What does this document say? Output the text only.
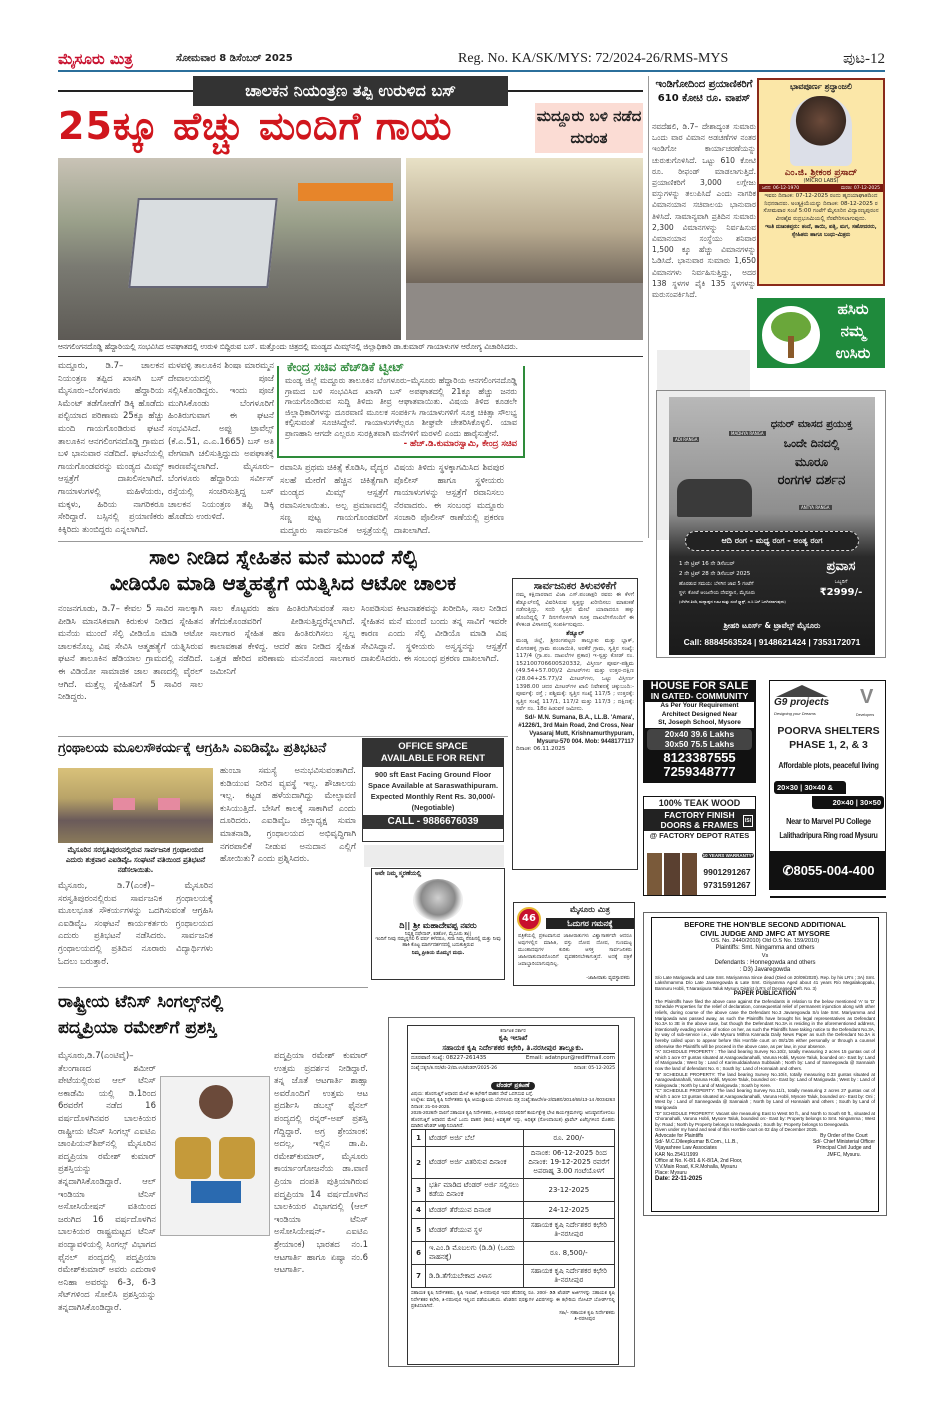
ಮೈಸೂರು ಮಿತ್ರ	ಸೋಮವಾರ 8 ಡಿಸೆಂಬರ್ 2025	Reg. No. KA/SK/MYS: 72/2024-26/RMS-MYS	ಪುಟ-12
ಚಾಲಕನ ನಿಯಂತ್ರಣ ತಪ್ಪಿ ಉರುಳಿದ ಬಸ್
25ಕ್ಕೂ ಹೆಚ್ಚು ಮಂದಿಗೆ ಗಾಯ	ಮದ್ದೂರು ಬಳಿ ನಡೆದ ದುರಂತ
ಆನಗಲಿಂಗನದೊಡ್ಡಿ ಹೆದ್ದಾರಿಯಲ್ಲಿ ಸಂಭವಿಸಿದ ಅಪಘಾತದಲ್ಲಿ ಉರುಳಿ ಬಿದ್ದಿರುವ ಬಸ್. ಮತ್ತೊಂದು ಚಿತ್ರದಲ್ಲಿ ಮಂಡ್ಯದ ಮಿಮ್ಸ್‌ನಲ್ಲಿ ಜಿಲ್ಲಾಧಿಕಾರಿ ಡಾ.ಕುಮಾರ್ ಗಾಯಾಳುಗಳ ಆರೋಗ್ಯ ವಿಚಾರಿಸಿದರು.
ಮದ್ದೂರು, ಡಿ.7– ಚಾಲಕನ ನಿಯಂತ್ರಣ ತಪ್ಪಿದ ಖಾಸಗಿ ಬಸ್ ಮೈಸೂರು–ಬೆಂಗಳೂರು ಹೆದ್ದಾರಿಯ ಸಿಮೆಂಟ್ ತಡೆಗೋಡೆಗೆ ಡಿಕ್ಕಿ ಹೊಡೆದು ಪಲ್ಟಿಯಾದ ಪರಿಣಾಮ 25ಕ್ಕೂ ಹೆಚ್ಚು ಮಂದಿ ಗಾಯಗೊಂಡಿರುವ ಘಟನೆ ತಾಲೂಕಿನ ಆನಗಲಿಂಗನದೊಡ್ಡಿ ಗ್ರಾಮದ ಬಳಿ ಭಾನುವಾರ ನಡೆದಿದೆ. ಘಟನೆಯಲ್ಲಿ ಗಾಯಗೊಂಡವರನ್ನು ಮಂಡ್ಯದ ಮಿಮ್ಸ್ ಆಸ್ಪತ್ರೆಗೆ ದಾಖಲಿಸಲಾಗಿದೆ. ಗಾಯಾಳುಗಳಲ್ಲಿ ಮಹಿಳೆಯರು, ಮಕ್ಕಳು, ಹಿರಿಯ ನಾಗರಿಕರೂ ಸೇರಿದ್ದಾರೆ. ಬಸ್ಸಿನಲ್ಲಿ ಪ್ರಯಾಣಿಕರು ಕಿಕ್ಕಿರಿದು ತುಂಬಿದ್ದರು ಎನ್ನಲಾಗಿದೆ.
ಮಳವಳ್ಳಿ ತಾಲೂಕಿನ ಶಿಂಷಾ ಮಾರಮ್ಮನ ದೇವಾಲಯದಲ್ಲಿ ಪೂಜೆ ಸಲ್ಲಿಸಿಕೊಂಡಿದ್ದರು. ಇಂದು ಪೂಜೆ ಮುಗಿಸಿಕೊಂಡು ಬೆಂಗಳೂರಿಗೆ ಹಿಂತಿರುಗುವಾಗ ಈ ಘಟನೆ ಸಂಭವಿಸಿದೆ. ಅಪ್ಪು ಟ್ರಾವೆಲ್ಸ್ (ಕೆ.ಎ.51, ಎ.ಎ.1665) ಬಸ್ ಅತಿ ವೇಗವಾಗಿ ಚಲಿಸುತ್ತಿದ್ದುದು ಅಪಘಾತಕ್ಕೆ ಕಾರಣವೆನ್ನಲಾಗಿದೆ. ಮೈಸೂರು–ಬೆಂಗಳೂರು ಹೆದ್ದಾರಿಯ ಸರ್ವೀಸ್ ರಸ್ತೆಯಲ್ಲಿ ಸಂಚರಿಸುತ್ತಿದ್ದ ಬಸ್ ಚಾಲಕನ ನಿಯಂತ್ರಣ ತಪ್ಪಿ ಡಿಕ್ಕಿ ಹೊಡೆದು ಉರುಳಿದೆ.
ಕೇಂದ್ರ ಸಚಿವ ಹೆಚ್‌ಡಿಕೆ ಟ್ವೀಟ್
ಮಂಡ್ಯ ಜಿಲ್ಲೆ ಮದ್ದೂರು ತಾಲೂಕಿನ ಬೆಂಗಳೂರು–ಮೈಸೂರು ಹೆದ್ದಾರಿಯ ಆನಗಲಿಂಗನದೊಡ್ಡಿ ಗ್ರಾಮದ ಬಳಿ ಸಂಭವಿಸಿದ ಖಾಸಗಿ ಬಸ್ ಅಪಘಾತದಲ್ಲಿ 21ಕ್ಕೂ ಹೆಚ್ಚು ಜನರು ಗಾಯಗೊಂಡಿರುವ ಸುದ್ದಿ ತಿಳಿದು ತೀವ್ರ ಆಘಾತವಾಯಿತು. ವಿಷಯ ತಿಳಿದ ಕೂಡಲೇ ಜಿಲ್ಲಾಧಿಕಾರಿಗಳನ್ನು ದೂರವಾಣಿ ಮೂಲಕ ಸಂಪರ್ಕಿಸಿ ಗಾಯಾಳುಗಳಿಗೆ ಸೂಕ್ತ ಚಿಕಿತ್ಸಾ ಸೌಲಭ್ಯ ಕಲ್ಪಿಸುವಂತೆ ಸೂಚಿಸಿದ್ದೇನೆ. ಗಾಯಾಳುಗಳೆಲ್ಲರೂ ಶೀಘ್ರವೇ ಚೇತರಿಸಿಕೊಳ್ಳಲಿ. ಯಾವ ಪ್ರಾಣಹಾನಿ ಆಗದೇ ಎಲ್ಲರೂ ಸುರಕ್ಷಿತವಾಗಿ ಮನೆಗಳಿಗೆ ಮರಳಲಿ ಎಂದು ಹಾರೈಸುತ್ತೇನೆ.
- ಹೆಚ್.ಡಿ.ಕುಮಾರಸ್ವಾಮಿ, ಕೇಂದ್ರ ಸಚಿವ
ರವಾನಿಸಿ ಪ್ರಥಮ ಚಿಕಿತ್ಸೆ ಕೊಡಿಸಿ, ವೈದ್ಯರ ಸಲಹೆ ಮೇರೆಗೆ ಹೆಚ್ಚಿನ ಚಿಕಿತ್ಸೆಗಾಗಿ ಮಂಡ್ಯದ ಮಿಮ್ಸ್ ಆಸ್ಪತ್ರೆಗೆ ರವಾನಿಸಲಾಯಿತು. ಅಲ್ಪ ಪ್ರಮಾಣದಲ್ಲಿ ಸಣ್ಣ ಪುಟ್ಟ ಗಾಯಗೊಂಡವರಿಗೆ ಮದ್ದೂರು ಸಾರ್ವಜನಿಕ ಆಸ್ಪತ್ರೆಯಲ್ಲಿ
ವಿಷಯ ತಿಳಿದು ಸ್ಥಳಕ್ಕಾಗಮಿಸಿದ ಶಿವಪುರ ಪೊಲೀಸ್ ಹಾಗೂ ಸ್ಥಳೀಯರು ಗಾಯಾಳುಗಳನ್ನು ಆಸ್ಪತ್ರೆಗೆ ರವಾನಿಸಲು ನೆರವಾದರು. ಈ ಸಂಬಂಧ ಮದ್ದೂರು ಸಂಚಾರಿ ಪೊಲೀಸ್ ಠಾಣೆಯಲ್ಲಿ ಪ್ರಕರಣ ದಾಖಲಾಗಿದೆ.
ಇಂಡಿಗೋದಿಂದ ಪ್ರಯಾಣಿಕರಿಗೆ 610 ಕೋಟಿ ರೂ. ವಾಪಸ್
ನವದೆಹಲಿ, ಡಿ.7– ದೇಶಾದ್ಯಂತ ಸುಮಾರು ಒಂದು ವಾರ ವಿಮಾನ ಅಡಚಣೆಗಳ ನಂತರ ಇಂಡಿಗೋ ಕಾರ್ಯಾಚರಣೆಯನ್ನು ಚುರುಕುಗೊಳಿಸಿದೆ. ಒಟ್ಟು 610 ಕೋಟಿ ರೂ. ರೀಫಂಡ್ ಮಾಡಲಾಗುತ್ತಿದೆ. ಪ್ರಯಾಣಿಕರಿಗೆ 3,000 ಲಗ್ಗೇಜು ವಸ್ತುಗಳನ್ನು ತಲುಪಿಸಿದೆ ಎಂದು ನಾಗರಿಕ ವಿಮಾನಯಾನ ಸಚಿವಾಲಯ ಭಾನುವಾರ ತಿಳಿಸಿದೆ. ಸಾಮಾನ್ಯವಾಗಿ ಪ್ರತಿದಿನ ಸುಮಾರು 2,300 ವಿಮಾನಗಳನ್ನು ನಿರ್ವಹಿಸುವ ವಿಮಾನಯಾನ ಸಂಸ್ಥೆಯು ಶನಿವಾರ 1,500 ಕ್ಕೂ ಹೆಚ್ಚು ವಿಮಾನಗಳನ್ನು ಓಡಿಸಿದೆ. ಭಾನುವಾರ ಸುಮಾರು 1,650 ವಿಮಾನಗಳು ನಿರ್ವಹಿಸುತ್ತಿದ್ದು, ಅದರ 138 ಸ್ಥಳಗಳ ಪೈಕಿ 135 ಸ್ಥಳಗಳನ್ನು ಮರುಸಂಪರ್ಕಿಸಿದೆ.
ಭಾವಪೂರ್ಣ ಶ್ರದ್ಧಾಂಜಲಿ
ಎಂ.ಜಿ. ಶ್ರೀಕಂಠ ಪ್ರಸಾದ್
(MICRO LABS)
ಜನನ: 06-12-1970	ಮರಣ: 07-12-2025
ಇವರು ದಿನಾಂಕ: 07-12-2025 ರಂದು ಹೃದಯಾಘಾತದಿಂದ ನಿಧನರಾದರು. ಅಂತ್ಯಕ್ರಿಯೆಯನ್ನು ದಿನಾಂಕ: 08-12-2025 ರ ಸೋಮವಾರ ಸಂಜೆ 5:00 ಗಂಟೆಗೆ ಮೈಸೂರಿನ ವಿದ್ಯಾರಣ್ಯಪುರಂನ ವೀರಶೈವ ರುದ್ರಭೂಮಿಯಲ್ಲಿ ನೆರವೇರಿಸಲಾಗುವುದು.
ಇಂತಿ ದುಃಖತಪ್ತರು: ತಂದೆ, ತಾಯಿ, ಪತ್ನಿ, ಮಗ, ಸಹೋದರರು, ಸ್ನೇಹಿತರು ಹಾಗೂ ಬಂಧು-ಮಿತ್ರರು
ಹಸಿರು
ನಮ್ಮ
ಉಸಿರು
ADI RANGA
MADHYA RANGA
ANTYA RANGA
ಧನುರ್ ಮಾಸದ ಪ್ರಯುಕ್ತ
ಒಂದೇ ದಿನದಲ್ಲಿ
ಮೂರೂ
ರಂಗಗಳ ದರ್ಶನ
ಆದಿ ರಂಗ - ಮಧ್ಯ ರಂಗ - ಅಂತ್ಯ ರಂಗ
1 ನೇ ಟ್ರಿಪ್ 16 ನೇ ಡಿಸೆಂಬರ್
2 ನೇ ಟ್ರಿಪ್ 28 ನೇ ಡಿಸೆಂಬರ್ 2025
ಹೊರಡುವ ಸಮಯ: ಬೆಳಗಿನ ಜಾವ 5 ಗಂಟೆಗೆ
ಸ್ಥಳ: ಕೋಟೆ ಆಂಜನೇಯ ದೇವಸ್ಥಾನ, ಮೈಸೂರು
(ಬೆಳಗಿನ ತಿಂಡಿ, ಮಧ್ಯಾಹ್ನದ ಊಟ ಮತ್ತು ಸಂಜೆ ಸ್ನ್ಯಾಕ್ಸ್, ಎ.ಸಿ ಬಸ್ ಒದಗಿಸಲಾಗುವುದು)
ಪ್ರವಾಸ
ಒಬ್ಬರಿಗೆ
₹2999/-
ಶ್ರೀಹರಿ ಟೂರ್ಸ್ & ಟ್ರಾವೆಲ್ಸ್ ಮೈಸೂರು
Call: 8884563524 | 9148621424 | 7353172071
ಸಾಲ ನೀಡಿದ ಸ್ನೇಹಿತನ ಮನೆ ಮುಂದೆ ಸೆಲ್ಫಿ
ವೀಡಿಯೊ ಮಾಡಿ ಆತ್ಮಹತ್ಯೆಗೆ ಯತ್ನಿಸಿದ ಆಟೋ ಚಾಲಕ
ನಂಜನಗೂಡು, ಡಿ.7– ಕೇವಲ 5 ಸಾವಿರ ಸಾಲಕ್ಕಾಗಿ ಪೀಡಿಸಿ ಮಾನಸಿಕವಾಗಿ ಕಿರುಕುಳ ನೀಡಿದ ಸ್ನೇಹಿತನ ಮನೆಯ ಮುಂದೆ ಸೆಲ್ಫಿ ವೀಡಿಯೊ ಮಾಡಿ ಆಟೋ ಚಾಲಕನೊಬ್ಬ ವಿಷ ಸೇವಿಸಿ ಆತ್ಮಹತ್ಯೆಗೆ ಯತ್ನಿಸಿರುವ ಘಟನೆ ತಾಲೂಕಿನ ಹೆಡಿಯಾಲ ಗ್ರಾಮದಲ್ಲಿ ನಡೆದಿದೆ. ಈ ವಿಡಿಯೋ ಸಾಮಾಜಿಕ ಜಾಲ ತಾಣದಲ್ಲಿ ವೈರಲ್ ಆಗಿದೆ. ಮತ್ತೆಲ್ಲ ಸ್ನೇಹಿತನಿಗೆ 5 ಸಾವಿರ ಸಾಲ ನೀಡಿದ್ದರು.
ಸಾಲ ಕೊಟ್ಟವರು ಹಣ ಹಿಂತಿರುಗಿಸುವಂತೆ ಸಾಲ ತೆಗೆದುಕೊಂಡವರಿಗೆ ಪೀಡಿಸುತ್ತಿದ್ದರೆನ್ನಲಾಗಿದೆ. ಸಾಲಗಾರ ಸ್ನೇಹಿತ ಹಣ ಹಿಂತಿರುಗಿಸಲು ಸ್ವಲ್ಪ ಕಾಲಾವಕಾಶ ಕೇಳಿದ್ದ. ಆದರೆ ಹಣ ನೀಡಿದ ಸ್ನೇಹಿತ ಒತ್ತಡ ಹೇರಿದ ಪರಿಣಾಮ ಮನನೊಂದ ಸಾಲಗಾರ ಜಮೀನಿಗೆ
ಸಿಂಪಡಿಸುವ ಕೀಟನಾಶಕವನ್ನು ಖರೀದಿಸಿ, ಸಾಲ ನೀಡಿದ ಸ್ನೇಹಿತನ ಮನೆ ಮುಂದೆ ಬಂದು ತನ್ನ ಸಾವಿಗೆ ಇವರೇ ಕಾರಣ ಎಂದು ಸೆಲ್ಫಿ ವೀಡಿಯೊ ಮಾಡಿ ವಿಷ ಸೇವಿಸಿದ್ದಾನೆ. ಸ್ಥಳೀಯರು ಅಸ್ವಸ್ಥನನ್ನು ಆಸ್ಪತ್ರೆಗೆ ದಾಖಲಿಸಿದರು. ಈ ಸಂಬಂಧ ಪ್ರಕರಣ ದಾಖಲಾಗಿದೆ.
ಸಾರ್ವಜನಿಕರ ತಿಳುವಳಿಕೆಗೆ
ನಮ್ಮ ಕಕ್ಷಿದಾರರಾದ ವಿಜಾ ಎಸ್.ಪಂಚಾಕ್ಷರಿ ರವರು ಈ ಕೆಳಗೆ ಶೆಡ್ಯೂಲ್‌ನಲ್ಲಿ ವಿವರಿಸಿರುವ ಸ್ವತ್ತನ್ನು ಖರೀದಿಸಲು ಮಾತುಕತೆ ನಡೆಸುತ್ತಿದ್ದು, ಸದರಿ ಸ್ವತ್ತಿನ ಮೇಲೆ ಯಾರಾದರೂ ಹಕ್ಕು ಹೊಂದಿದ್ದಲ್ಲಿ 7 ದಿನಗಳೊಳಗಾಗಿ ಸೂಕ್ತ ದಾಖಲೆಗಳೊಂದಿಗೆ ಈ ಕೆಳಕಂಡ ವಿಳಾಸದಲ್ಲಿ ಸಂಪರ್ಕಿಸುವುದು.
ಶೆಡ್ಯೂಲ್
ಮಂಡ್ಯ ಜಿಲ್ಲೆ, ಶ್ರೀರಂಗಪಟ್ಟಣ ತಾಲ್ಲೂಕು ಮತ್ತು ಬ್ಲಾಕ್, ಮೊಗರಹಳ್ಳಿ ಗ್ರಾಮ ಪಂಚಾಯಿತಿ, ಅರಕೆರೆ ಗ್ರಾಮ, ಸ್ವತ್ತಿನ ಸಂಖ್ಯೆ: 117/4 (ಗ್ರಾ.ಪಂ. ದಾಖಲೆಗಳ ಪ್ರಕಾರ) ಇ-ಸ್ವತ್ತು ಕೋಡ್ ನಂ. 152100706600520332, ವಿಸ್ತೀರ್ಣ ಪೂರ್ವ-ಪಶ್ಚಿಮ (49.54+57.00)/2 ಮೀಟರ್‌ಗಳು ಮತ್ತು ಉತ್ತರ-ದಕ್ಷಿಣ (28.04+25.77)/2 ಮೀಟರ್‌ಗಳು, ಒಟ್ಟು ವಿಸ್ತೀರ್ಣ 1398.00 ಚದರ ಮೀಟರ್‌ಗಳ ಖಾಲಿ ನಿವೇಶನಕ್ಕೆ ಚಕ್ಕುಬಂದಿ:- ಪೂರ್ವಕ್ಕೆ: ರಸ್ತೆ ; ಪಶ್ಚಿಮಕ್ಕೆ: ಸ್ವತ್ತಿನ ಸಂಖ್ಯೆ 117/5 ; ಉತ್ತರಕ್ಕೆ: ಸ್ವತ್ತಿನ ಸಂಖ್ಯೆ 117/1, 117/2 ಮತ್ತು 117/3 ; ದಕ್ಷಿಣಕ್ಕೆ: ಸರ್ವೆ ನಂ. 18ರ ಹಿಡುವಳಿ ಜಮೀನು.
Sd/- M.N. Sumana, B.A., LL.B. 'Amara', #1226/1, 3rd Main Road, 2nd Cross, Near Vyasaraj Mutt, Krishnamurthypuram, Mysuru-570 004. Mob: 9448177117
ದಿನಾಂಕ: 06.11.2025
ಗ್ರಂಥಾಲಯ ಮೂಲಸೌಕರ್ಯಕ್ಕೆ ಆಗ್ರಹಿಸಿ ಎಐಡಿವೈಒ ಪ್ರತಿಭಟನೆ
ಮೈಸೂರಿನ ಸರಸ್ವತಿಪುರಂನಲ್ಲಿರುವ ಸಾರ್ವಜನಿಕ ಗ್ರಂಥಾಲಯದ ಎದುರು ಶುಕ್ರವಾರ ಎಐಡಿವೈಒ ಸಂಘಟನೆ ವತಿಯಿಂದ ಪ್ರತಿಭಟನೆ ನಡೆಸಲಾಯಿತು.
ಮೈಸೂರು, ಡಿ.7(ಎಂಕೆ)– ಮೈಸೂರಿನ ಸರಸ್ವತಿಪುರಂನಲ್ಲಿರುವ ಸಾರ್ವಜನಿಕ ಗ್ರಂಥಾಲಯಕ್ಕೆ ಮೂಲಭೂತ ಸೌಕರ್ಯಗಳನ್ನು ಒದಗಿಸುವಂತೆ ಆಗ್ರಹಿಸಿ ಎಐಡಿವೈಒ ಸಂಘಟನೆ ಕಾರ್ಯಕರ್ತರು ಗ್ರಂಥಾಲಯದ ಎದುರು ಪ್ರತಿಭಟನೆ ನಡೆಸಿದರು. ಸಾರ್ವಜನಿಕ ಗ್ರಂಥಾಲಯದಲ್ಲಿ ಪ್ರತಿದಿನ ನೂರಾರು ವಿದ್ಯಾರ್ಥಿಗಳು ಓದಲು ಬರುತ್ತಾರೆ.
ಹುಂಬಾ ಸಮಸ್ಯೆ ಅನುಭವಿಸುವಂತಾಗಿದೆ. ಕುಡಿಯುವ ನೀರಿನ ವ್ಯವಸ್ಥೆ ಇಲ್ಲ. ಶೌಚಾಲಯ ಇಲ್ಲ. ಕಟ್ಟಡ ಹಳೆಯದಾಗಿದ್ದು ಮೇಲ್ಛಾವಣಿ ಕುಸಿಯುತ್ತಿದೆ. ಬೇಸಿಗೆ ಕಾಲಕ್ಕೆ ಸಾಕಾಗಿವೆ ಎಂದು ದೂರಿದರು. ಎಐಡಿವೈಒ ಜಿಲ್ಲಾಧ್ಯಕ್ಷ ಸುಮಾ ಮಾತನಾಡಿ, ಗ್ರಂಥಾಲಯದ ಅಭಿವೃದ್ಧಿಗಾಗಿ ನಗರಪಾಲಿಕೆ ನೀಡುವ ಅನುದಾನ ಎಲ್ಲಿಗೆ ಹೋಯಿತು? ಎಂದು ಪ್ರಶ್ನಿಸಿದರು.
OFFICE SPACE AVAILABLE FOR RENT
900 sft East Facing Ground Floor Space Available at Saraswathipuram. Expected Monthly Rent Rs. 30,000/- (Negotiable)
CALL - 9886676039
ಅವೇ ನಿಮ್ಮ ಸ್ಮರಣೆಯಲ್ಲಿ
ದಿ|| ಶ್ರೀ ಮಹಾದೇವಪ್ಪ ನವರು
ನಿವೃತ್ತ ದಫೇದಾರ್, ಕಡಕೊಳ, ಮೈಸೂರು ತಾ||
ಇಂದಿಗೆ ನೀವು ನಮ್ಮನ್ನಗಲಿ 6 ವರ್ಷ ಕಳೆದರೂ, ಸದಾ ನಿಮ್ಮ ನೆನಪಿನಲ್ಲಿ ಮತ್ತು ನೀವು ಹಾಕಿ ಕೊಟ್ಟ ಮಾರ್ಗದರ್ಶನದಲ್ಲಿ ಬದುಕುತ್ತಿರುವ
ನಿಮ್ಮ ಪ್ರೀತಿಯ ಮೊಮ್ಮಗ ಮಧು.
46
ಮೈಸೂರು ಮಿತ್ರ
ಓದುಗರ ಗಮನಕ್ಕೆ
ಪತ್ರಿಕೆಯಲ್ಲಿ ಪ್ರಕಟವಾಗುವ ಜಾಹೀರಾತುಗಳು ವಿಶ್ವಾಸಾರ್ಹವೇ ಆದರೂ ಅವುಗಳಲ್ಲಿನ ಮಾಹಿತಿ, ವಸ್ತು ದೋಷ ದೋಷ, ಗುಣಮಟ್ಟ ಮುಂತಾದವುಗಳ ಕುರಿತು ಆಸಕ್ತ ಸಾರ್ವಜನಿಕರು ಜಾಹೀರಾತುದಾರರೊಂದಿಗೆ ವ್ಯವಹರಿಸಬೇಕಾಗುತ್ತದೆ. ಅದಕ್ಕೆ ಪತ್ರಿಕೆ ಜವಾಬ್ದಾರಿಯಾಗುವುದಿಲ್ಲ.
-ಜಾಹೀರಾತು ವ್ಯವಸ್ಥಾಪಕರು
ರಾಷ್ಟ್ರೀಯ ಟೆನಿಸ್ ಸಿಂಗಲ್ಸ್‌ನಲ್ಲಿ
ಪದ್ಮಪ್ರಿಯಾ ರಮೇಶ್‌ಗೆ ಪ್ರಶಸ್ತಿ
ಮೈಸೂರು,ಡಿ.7(ಎಂಟಿವೈ)– ತೆಲಂಗಾಣದ ಶಮೀರ್ ಪೇಟೆಯಲ್ಲಿರುವ ಆಲ್ ಟೆನಿಸ್ ಅಕಾಡೆಮಿ ಯಲ್ಲಿ ಡಿ.1ರಿಂದ 6ರವರೆಗೆ ನಡೆದ 16 ವರ್ಷದೊಳಗಿನವರ ಬಾಲಕಿಯರ ರಾಷ್ಟ್ರೀಯ ಟೆನಿಸ್ ಸಿಂಗಲ್ಸ್ ಎಐಟಿಎ ಚಾಂಪಿಯನ್‌ಶಿಪ್‌ನಲ್ಲಿ ಮೈಸೂರಿನ ಪದ್ಮಪ್ರಿಯಾ ರಮೇಶ್ ಕುಮಾರ್ ಪ್ರಶಸ್ತಿಯನ್ನು ತನ್ನದಾಗಿಸಿಕೊಂಡಿದ್ದಾರೆ. ಆಲ್ ಇಂಡಿಯಾ ಟೆನಿಸ್ ಅಸೋಸಿಯೇಷನ್ ವತಿಯಿಂದ ಜರುಗಿದ 16 ವರ್ಷದೊಳಗಿನ ಬಾಲಕಿಯರ ರಾಷ್ಟ್ರಮಟ್ಟದ ಟೆನಿಸ್ ಪಂದ್ಯಾವಳಿಯಲ್ಲಿ ಸಿಂಗಲ್ಸ್ ವಿಭಾಗದ ಫೈನಲ್ ಪಂದ್ಯದಲ್ಲಿ ಪದ್ಮಪ್ರಿಯಾ ರಮೇಶ್‌ಕುಮಾರ್ ಅವರು ಎದುರಾಳಿ ಅನಿಹಾ ಅವರನ್ನು 6-3, 6-3 ಸೆಟ್‌ಗಳಿಂದ ಸೋಲಿಸಿ ಪ್ರಶಸ್ತಿಯನ್ನು ತನ್ನದಾಗಿಸಿಕೊಂಡಿದ್ದಾರೆ.
ಪದ್ಮಪ್ರಿಯಾ ರಮೇಶ್ ಕುಮಾರ್ ಉತ್ತಮ ಪ್ರದರ್ಶನ ನೀಡಿದ್ದಾರೆ. ತನ್ನ ಜೊತೆ ಆಟಗಾರ್ತಿ ಶಾಹ್ಸಾ ಅವರೊಂದಿಗೆ ಉತ್ತಮ ಆಟ ಪ್ರದರ್ಶಿಸಿ ಡಬಲ್ಸ್ ಫೈನಲ್ ಪಂದ್ಯದಲ್ಲಿ ರನ್ನರ್-ಅಪ್ ಪ್ರಶಸ್ತಿ ಗೆದ್ದಿದ್ದಾರೆ. ಅಗ್ರ ಶ್ರೇಯಾಂಕ: ಅದಲ್ಲ, ಇಲ್ಲಿನ ಡಾ.ಪಿ. ರಮೇಶ್‌ಕುಮಾರ್, ಮೈಸೂರು ಕಾರ್ಯಾಂಗೋಜನೆಯ ಡಾ.ವಾಣಿ ಪ್ರಿಯಾ ದಂಪತಿ ಪುತ್ರಿಯಾಗಿರುವ ಪದ್ಮಪ್ರಿಯಾ 14 ವರ್ಷದೊಳಗಿನ ಬಾಲಕಿಯರ ವಿಭಾಗದಲ್ಲಿ (ಆಲ್ ಇಂಡಿಯಾ ಟೆನಿಸ್ ಅಸೋಸಿಯೇಷನ್- ಎಐಟಿಎ ಶ್ರೇಯಾಂಕ) ಭಾರತದ ನಂ.1 ಆಟಗಾರ್ತಿ ಹಾಗೂ ಏಷ್ಯಾ ನಂ.6 ಆಟಗಾರ್ತಿ.
ಕರ್ನಾಟಕ ಸರ್ಕಾರ
ಕೃಷಿ ಇಲಾಖೆ
ಸಹಾಯಕ ಕೃಷಿ ನಿರ್ದೇಶಕರ ಕಛೇರಿ, ತಿ.ನರಸೀಪುರ ತಾಲ್ಲೂಕು.
ದೂರವಾಣಿ ಸಂಖ್ಯೆ: 08227-261435	Email: adatnpur@rediffmail.com
ಸಂಖ್ಯೆ:ಸಕೃನಿ/ತಿ.ನರ/ಟೆಂ-2/ಪಾ.ಉ/ಟೆಂಡರ್/2025-26	ದಿನಾಂಕ: 05-12-2025
ಟೆಂಡರ್ ಪ್ರಕಟಣೆ
ವಿಷಯ: ಹೊರಗುತ್ತಿಗೆ ಆಧಾರದ ಮೇಲೆ ಈ ಕಛೇರಿಗೆ ವಾಹನ ಸೇವೆ ಒದಗಿಸುವ ಬಗ್ಗೆ.
ಉಲ್ಲೇಖ: ಮಾನ್ಯ ಕೃಷಿ ನಿರ್ದೇಶಕರು ಕೃಷಿ ಆಯುಕ್ತಾಲಯ ಬೆಂಗಳೂರು ಪತ್ರ ಸಂಖ್ಯೆ:ಕಾಆಸೇ/ಆ-2/ವಾಹನ/2014/65/13-14 /0034263 ದಿನಾಂಕ: 21-04-2025.
2025-2026ನೇ ಸಾಲಿಗೆ ಸಹಾಯಕ ಕೃಷಿ ನಿರ್ದೇಶಕರು, ತಿ-ನರಸೀಪುರ ರವರಿಗೆ ಕಾರ್ಯಕ್ಷೇತ್ರ ಭೇಟಿ ಕಾರ್ಯಕ್ರಮಗಳನ್ನು ಅನುಷ್ಠಾನಗೊಳಿಸಲು ಹೊರಗುತ್ತಿಗೆ ಆಧಾರದ ಮೇಲೆ ಒಂದು ವಾಹನ (ಕಾರು) ಅವಶ್ಯಕತೆ ಇದ್ದು, ಅಧಿಕೃತ (ನೋಂದಾಯಿತ) ಟ್ರಾವೆಲ್ ಏಜೆನ್ಸಿಗಳಿಂದ ಮೊಹರು ಮಾಡಿದ ಟೆಂಡರ್ ಆಹ್ವಾನಿಸಲಾಗಿದೆ.
1	ಟೆಂಡರ್ ಅರ್ಜಿ ಬೆಲೆ	ರೂ. 200/-
2	ಟೆಂಡರ್ ಅರ್ಜಿ ವಿತರಿಸುವ ದಿನಾಂಕ	ದಿನಾಂಕ: 06-12-2025 ರಿಂದ ದಿನಾಂಕ: 19-12-2025 ರವರೆಗೆ ಅಪರಾಹ್ನ 3.00 ಗಂಟೆಯೊಳಗೆ
3	ಭರ್ತಿ ಮಾಡಿದ ಟೆಂಡರ್ ಅರ್ಜಿ ಸಲ್ಲಿಸಲು ಕಡೆಯ ದಿನಾಂಕ	23-12-2025
4	ಟೆಂಡರ್ ತೆರೆಯುವ ದಿನಾಂಕ	24-12-2025
5	ಟೆಂಡರ್ ತೆರೆಯುವ ಸ್ಥಳ	ಸಹಾಯಕ ಕೃಷಿ ನಿರ್ದೇಶಕರ ಕಛೇರಿ ತಿ-ನರಸೀಪುರ
6	ಇ.ಎಂ.ಡಿ ಮೊಬಲಗು (ಡಿ.ಡಿ) (ಒಂದು ವಾಹನಕ್ಕೆ)	ರೂ. 8,500/-
7	ಡಿ.ಡಿ.ತೆಗೆಯಬೇಕಾದ ವಿಳಾಸ	ಸಹಾಯಕ ಕೃಷಿ ನಿರ್ದೇಶಕರ ಕಛೇರಿ ತಿ-ನರಸೀಪುರ
ಸಹಾಯಕ ಕೃಷಿ ನಿರ್ದೇಶಕರು, ಕೃಷಿ ಇಲಾಖೆ, ತಿ-ನರಸೀಪುರ ಇವರ ಹೆಸರಿನಲ್ಲಿ ರೂ. 200/- ಡಿಡಿ ಟೆಂಡರ್ ಅರ್ಜಿಗಳನ್ನು ಸಹಾಯಕ ಕೃಷಿ ನಿರ್ದೇಶಕರ ಕಛೇರಿ, ತಿ-ನರಸೀಪುರ ಇಲ್ಲಿಂದ ಪಡೆಯಬಹುದು. ಟೆಂಡರಿನ ಷರತ್ತುಗಳ ವಿವರಗಳನ್ನು ಈ ಕಛೇರಿಯ ನೋಟಿಸ್ ಬೋರ್ಡ್‌ನಲ್ಲಿ ಪ್ರಕಟಿಸಲಾಗಿದೆ.
ಸಹಿ/- ಸಹಾಯಕ ಕೃಷಿ ನಿರ್ದೇಶಕರು
ತಿ-ನರಸೀಪುರ
HOUSE FOR SALE
IN GATED- COMMUNITY
As Per Your Requirement
Architect Designed Near
St, Joseph School, Mysore
20x40 39.6 Lakhs
30x50 75.5 Lakhs
8123387555
7259348777
100% TEAK WOOD
FACTORY FINISH
DOORS & FRAMES	ISI
@ FACTORY DEPOT RATES
10 YEARS WARRANTY*
9901291267
9731591267
G9 projects
Designing your Dreams
V
Developers
POORVA SHELTERS
PHASE 1, 2, & 3
Affordable plots, peaceful living
20×30 | 30×40 &
20×40 | 30×50
Near to Marvel PU College
Lalithadripura Ring road Mysuru
✆8055-004-400
BEFORE THE HON'BLE SECOND ADDITIONAL
CIVIL JUDGE AND JMFC AT MYSORE
OS. No. 2440/2010) Old O.S No. 159/2010)
Plaintiffs: Smt. Ningamma and others
Vs
Defendants : Honnegowda and others
: D3) Javaregowda
S/o Late Marigowda and Late Smt. Mariyamma Since dead (Died on 20/09/2020). Rep. by his LR's ; 3A) Smt. Lakshmamma D/o Late Javaregowda & Late Smt. Giriyamma Aged about 41 years R/o Megalakoppalu, Bannuru Hobli, T.Narasipura Taluk Mysuru District (LR's of Deceased Deft. No. 3)
PAPER PUBLICATION
The Plaintiffs have filed the above case against the Defendants in relation to the below mentioned 'A' to 'D' Schedule Properties for the relief of declaration, consequential relief of permanent injunction along with other reliefs, during course of the above case the Defendant No.3 Javaregowda S/o late Smt. Mariyamma and Marigowda was passed away, as such the Plaintiffs have brought his legal representatives as Defendant No.3A to 3E in the above case, but though the Defendant No.3A is residing in the aforementioned address, intentionally evading service of notice on her, as such the Plaintiffs have taking notice to the Defendant No.3A, by way of sub-service i.e., vide Mysuru Mithra Kannada Daily News Paper as such the Defendant No.3A is hereby called upon to appear before this Hon'ble court on 08/1/26 either personally or through a counsel otherwise the Plaintiffs will be proceed in the above case, as per law, in your absence.
"A" SCHEDULE PROPERTY : The land bearing Survey No.10/2, totally measuring 2 acres 15 guntas out of which 1 acre 07 guntas situated at Aaragowdanahalli, Varuna Hobli, Mysore Taluk, bounded on:- East by: Land of Marigowda ; West by : Land of Karimuddaiahana Subbaiah ; North by: Land of Sannegowda @ Sannaiah now the land of defendant No. 6 ; South by: Land of Honnaiah and others.
"B" SCHEDULE PROPERTY: The land bearing Survey No.10/4, totally measuring 0.33 guntas situated at Aaragowdanahalli, Varuna Hobli, Mysore Taluk, bounded on:- East by: Land of Marigowda ; West by : Land of Kalegowda ; North by Land of Marigowda ; South by Kere.
"C" SCHEDULE PROPERTY: The land bearing Survey No.11/1, totally measuring 2 acres 27 guntas out of which 1 acre 13 guntas situated at Aaragowdanahalli, Varuna Hobli, Mysore Taluk, bounded on:- East by: Oni ; West by : Land of Sannegowda @ Sannaiah ; North by Land of Honnaiah and others ; South by Land of Marigowda
"D" SCHEDULE PROPERTY: Vacant site measuring East to West 50 ft., and North to South 60 ft., situated at Choranahalli, Varuna Hobli, Mysore Taluk, bounded on:- East by: Property belongs to Smt. Ningamma ; West by: Road ; North by Property belongs to Madegowda ; South by: Property belongs to Devegowda.
Given under my hand and seal of this Hon'ble court on 02 day of December 2025.
Advocate for Plaintiffs
Sd/- M.C.Dileepkumar B.Com., LL.B.,
Vijayashree Law Associates
KAR No.2541/1999
Office at No. K-8/1 & K-8/1A, 2nd Floor,
V.V.Main Road, K.R.Mohalla, Mysuru
Place: Mysuru
Date: 22-11-2025
By Order of the Court
Sd/- Chief Ministerial Officer
Principal Civil Judge and
JMFC, Mysuru.
